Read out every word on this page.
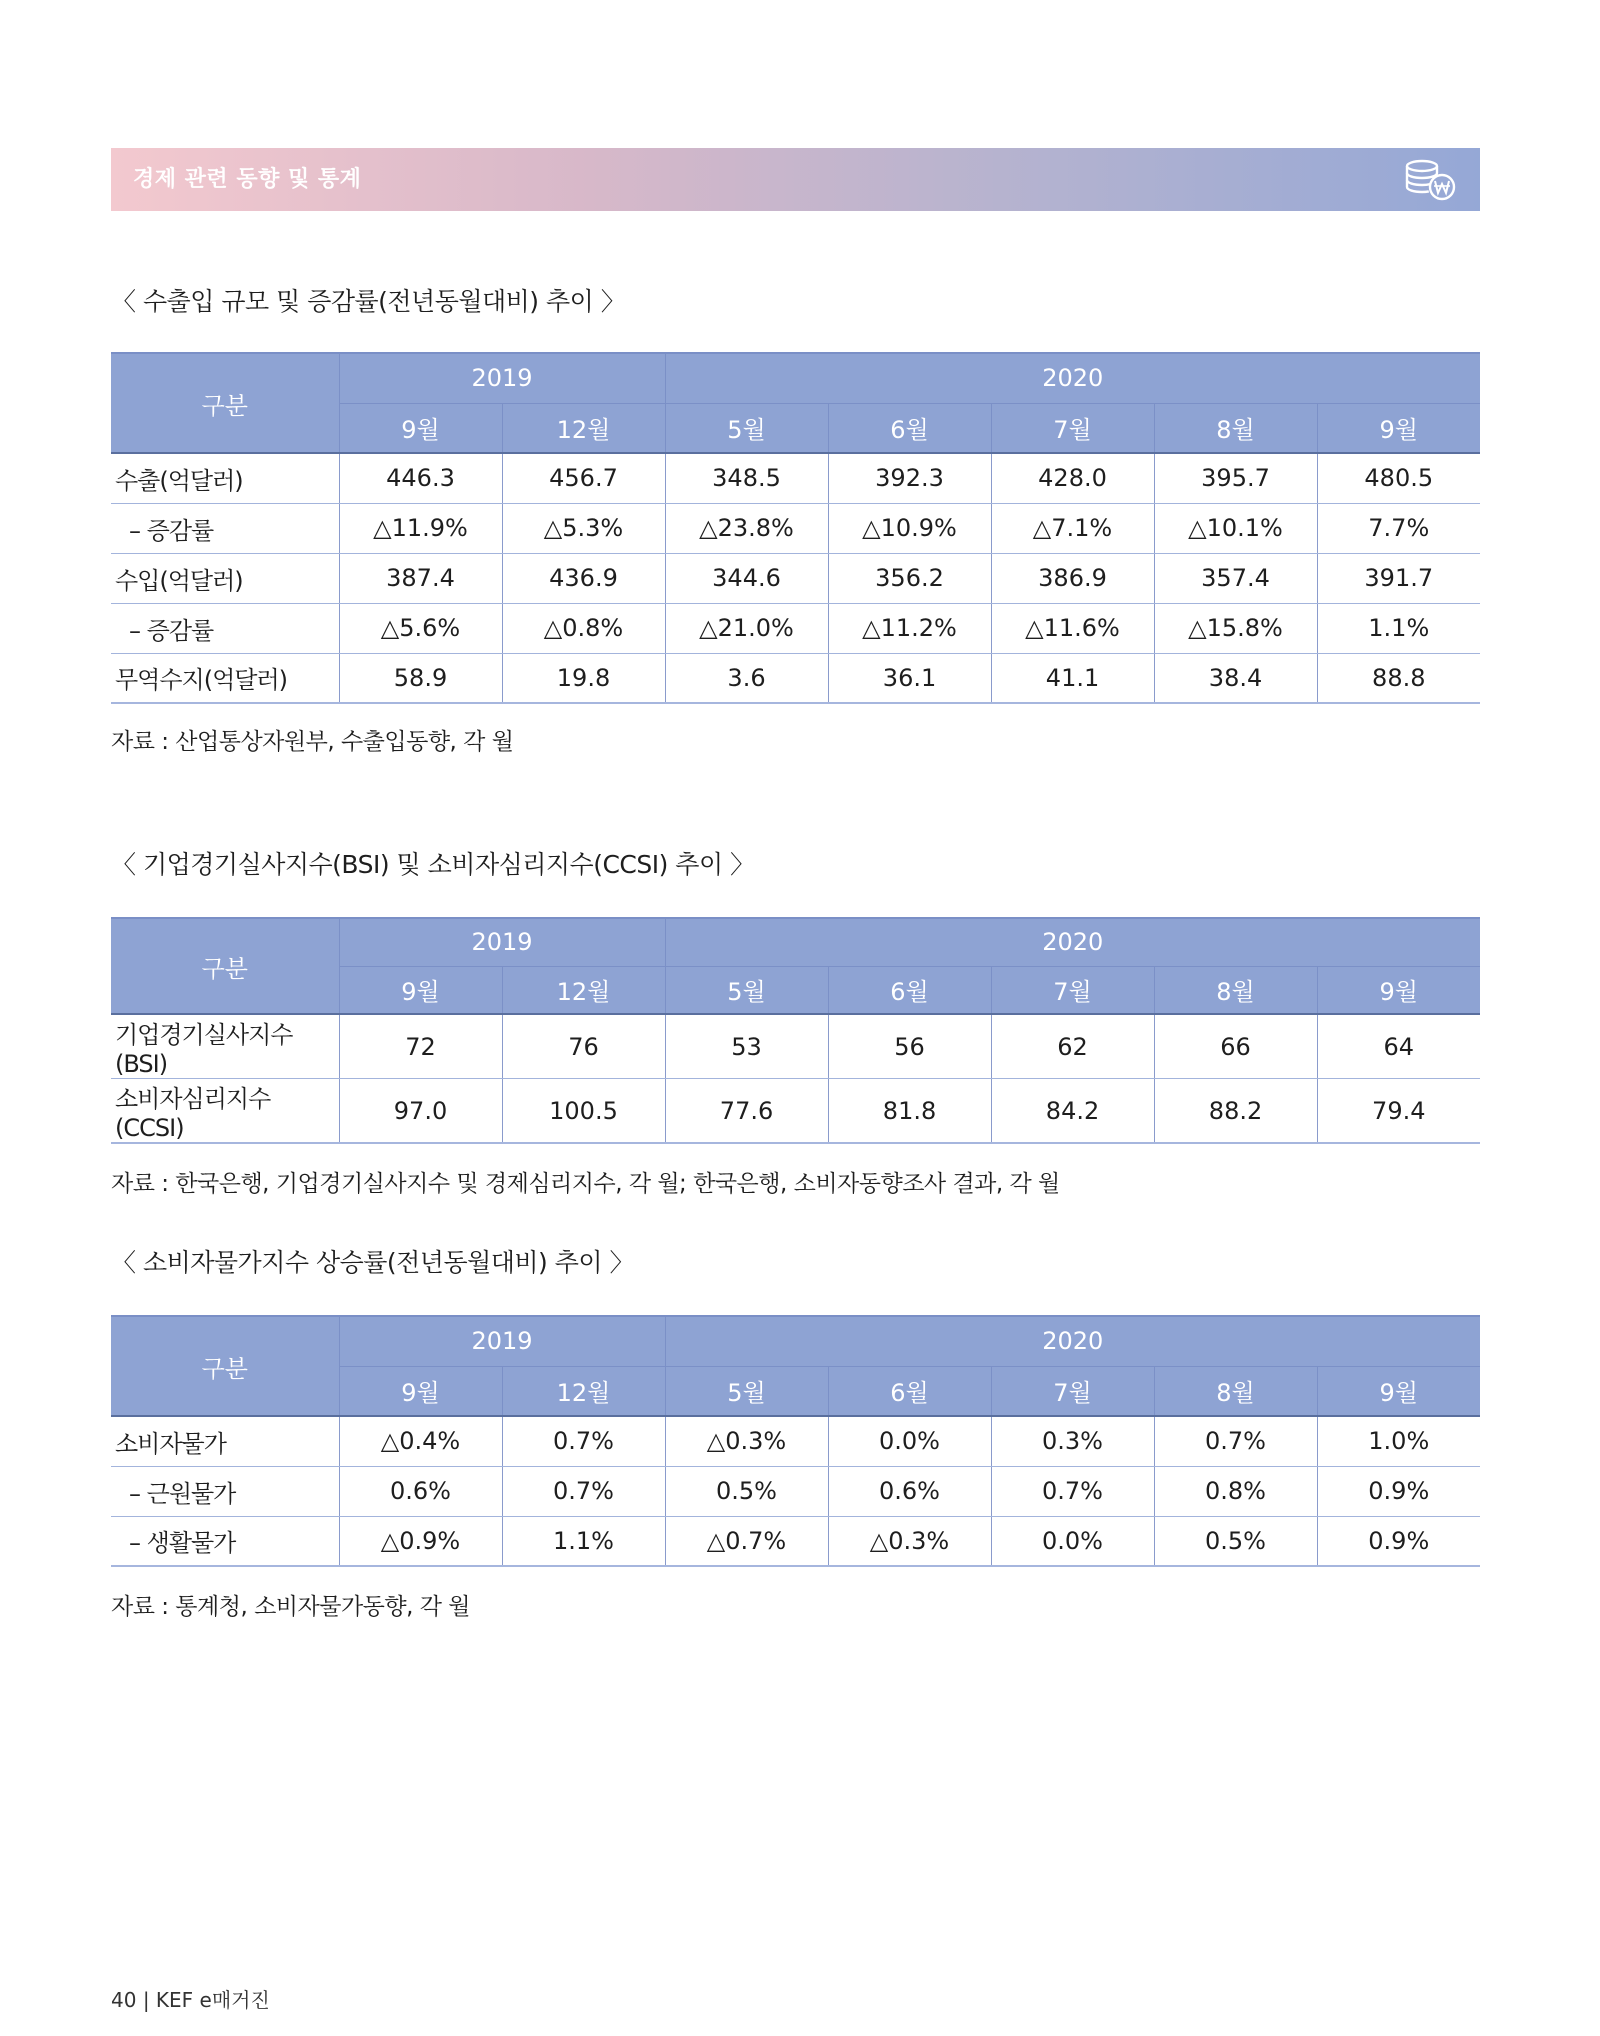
경제 관련 동향 및 통계
〈 수출입 규모 및 증감률(전년동월대비) 추이 〉
구분	2019		2020				
	9월	12월	5월	6월	7월	8월	9월
수출(억달러)	446.3	456.7	348.5	392.3	428.0	395.7	480.5
– 증감률	△11.9%	△5.3%	△23.8%	△10.9%	△7.1%	△10.1%	7.7%
수입(억달러)	387.4	436.9	344.6	356.2	386.9	357.4	391.7
– 증감률	△5.6%	△0.8%	△21.0%	△11.2%	△11.6%	△15.8%	1.1%
무역수지(억달러)	58.9	19.8	3.6	36.1	41.1	38.4	88.8
자료 : 산업통상자원부, 수출입동향, 각 월
〈 기업경기실사지수(BSI) 및 소비자심리지수(CCSI) 추이 〉
구분	2019		2020				
	9월	12월	5월	6월	7월	8월	9월
기업경기실사지수(BSI)	72	76	53	56	62	66	64
소비자심리지수(CCSI)	97.0	100.5	77.6	81.8	84.2	88.2	79.4
자료 : 한국은행, 기업경기실사지수 및 경제심리지수, 각 월; 한국은행, 소비자동향조사 결과, 각 월
〈 소비자물가지수 상승률(전년동월대비) 추이 〉
구분	2019		2020				
	9월	12월	5월	6월	7월	8월	9월
소비자물가	△0.4%	0.7%	△0.3%	0.0%	0.3%	0.7%	1.0%
– 근원물가	0.6%	0.7%	0.5%	0.6%	0.7%	0.8%	0.9%
– 생활물가	△0.9%	1.1%	△0.7%	△0.3%	0.0%	0.5%	0.9%
자료 : 통계청, 소비자물가동향, 각 월
40 | KEF e매거진
